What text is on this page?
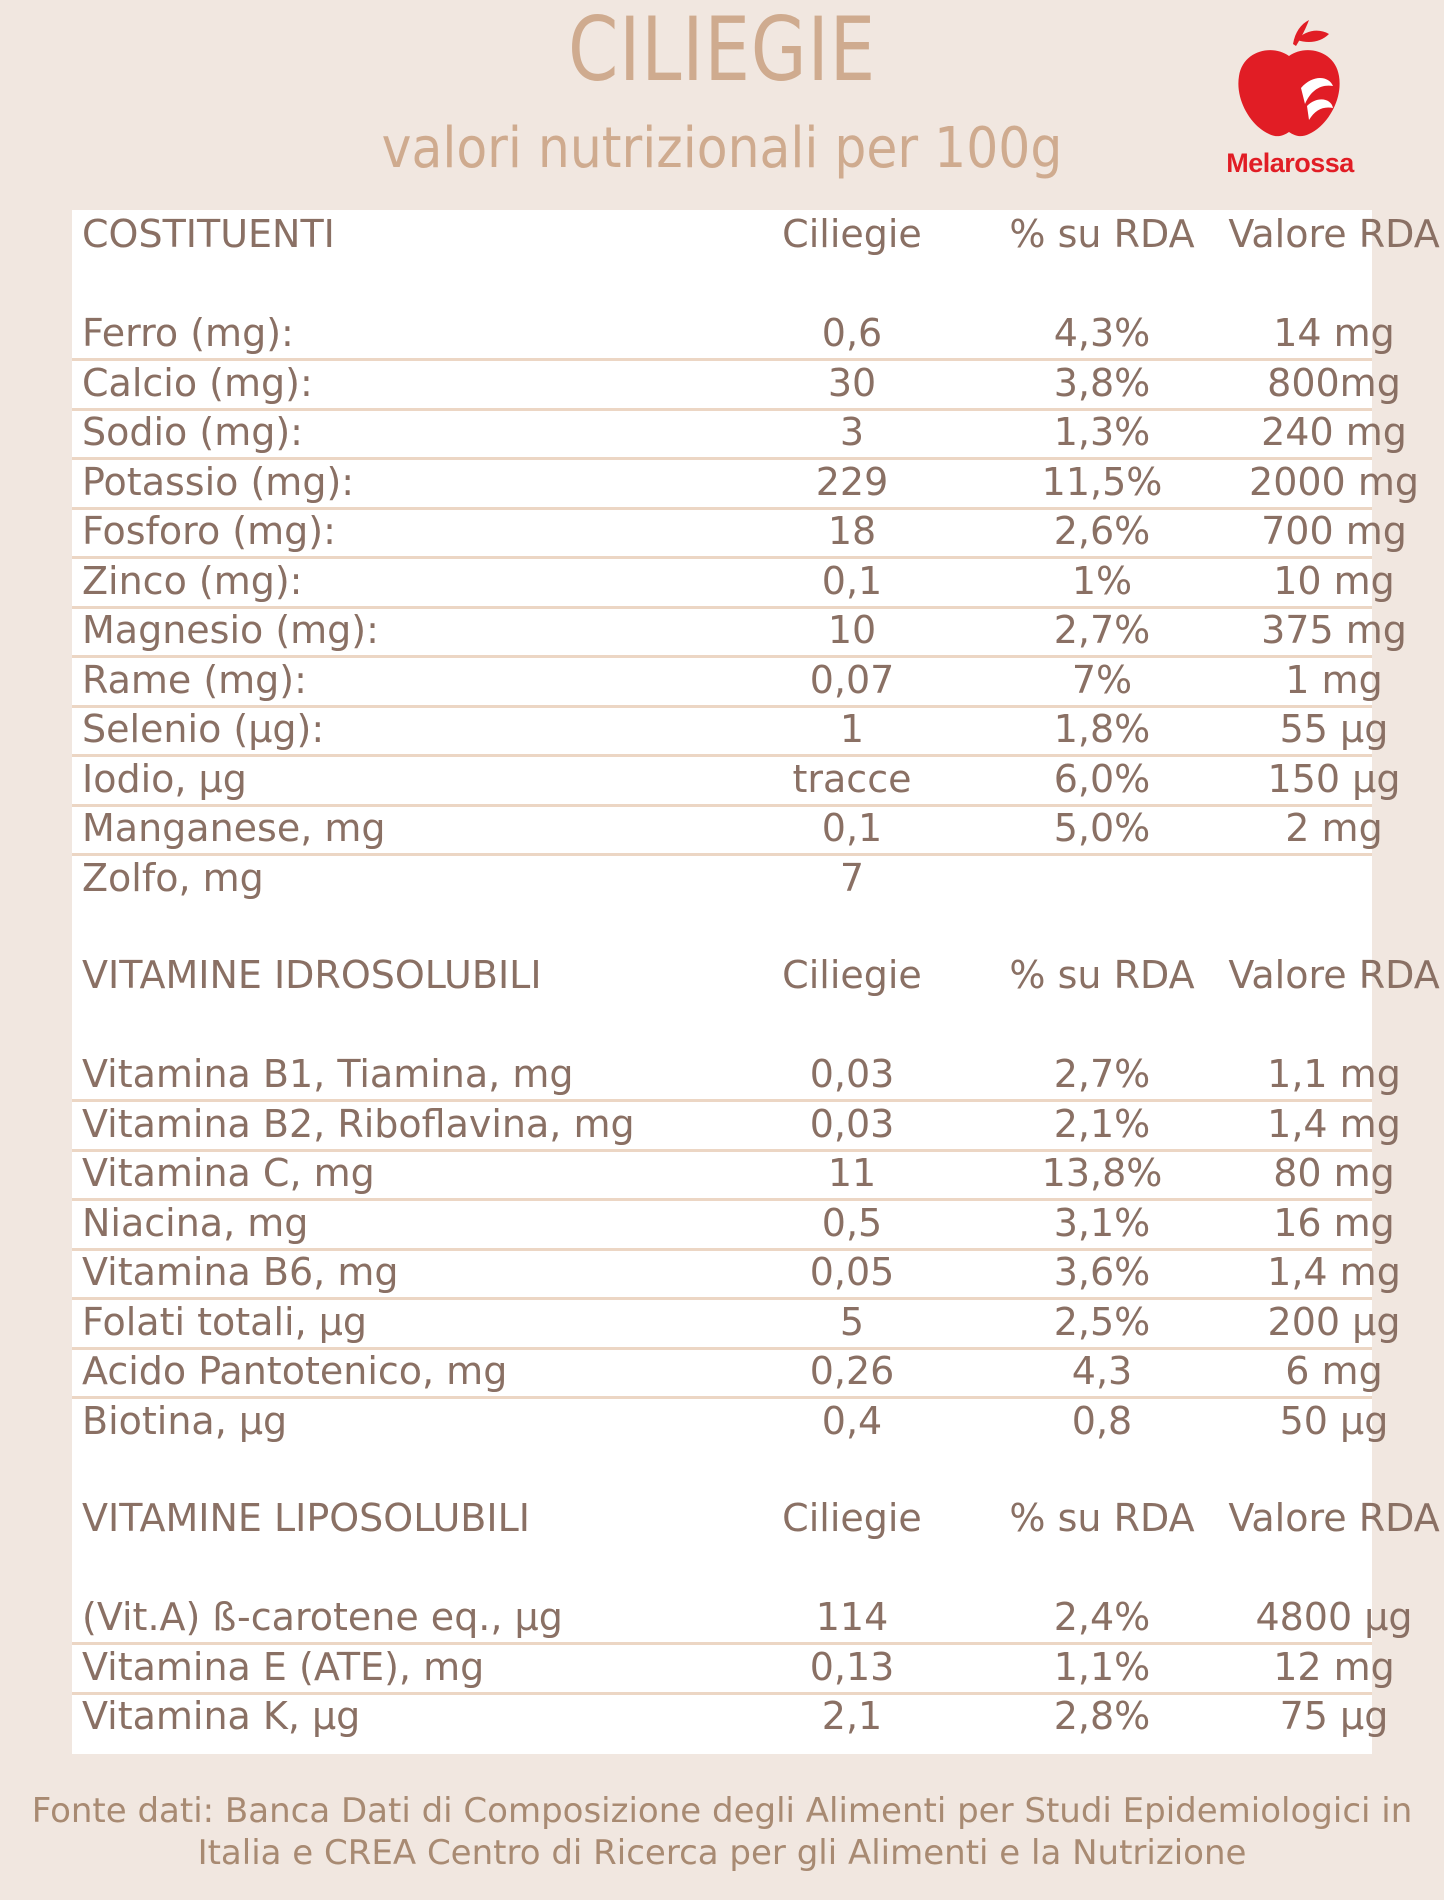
CILIEGIE
valori nutrizionali per 100g	Melarossa
COSTITUENTI	Ciliegie	% su RDA Valore RDA
Ferro (mg):	0,6	4,3%	14 mg
Calcio (mg):	30	3,8%	800mg
Sodio (mg):	3	1,3%	240 mg
Potassio (mg):	229	11,5%	2000 mg
Fosforo (mg):	18	2,6%	700 mg
Zinco (mg):	0,1	1%	10 mg
Magnesio (mg):	10	2,7%	375 mg
Rame (mg):	0,07	7%	1 mg
Selenio (µg):	1	1,8%	55 µg
Iodio, µg	tracce	6,0%	150 µg
Manganese, mg	0,1	5,0%	2 mg
Zolfo, mg	7
VITAMINE IDROSOLUBILI	Ciliegie	% su RDA Valore RDA
Vitamina B1, Tiamina, mg	0,03	2,7%	1,1 mg
Vitamina B2, Riboflavina, mg	0,03	2,1%	1,4 mg
Vitamina C, mg	11	13,8%	80 mg
Niacina, mg	0,5	3,1%	16 mg
Vitamina B6, mg	0,05	3,6%	1,4 mg
Folati totali, µg	5	2,5%	200 µg
Acido Pantotenico, mg	0,26	4,3	6 mg
Biotina, µg	0,4	0,8	50 µg
VITAMINE LIPOSOLUBILI	Ciliegie	% su RDA Valore RDA
(Vit.A) ß-carotene eq., µg	114	2,4%	4800 µg
Vitamina E (ATE), mg	0,13	1,1%	12 mg
Vitamina K, µg	2,1	2,8%	75 µg
Fonte dati: Banca Dati di Composizione degli Alimenti per Studi Epidemiologici in
Italia e CREA Centro di Ricerca per gli Alimenti e la Nutrizione
